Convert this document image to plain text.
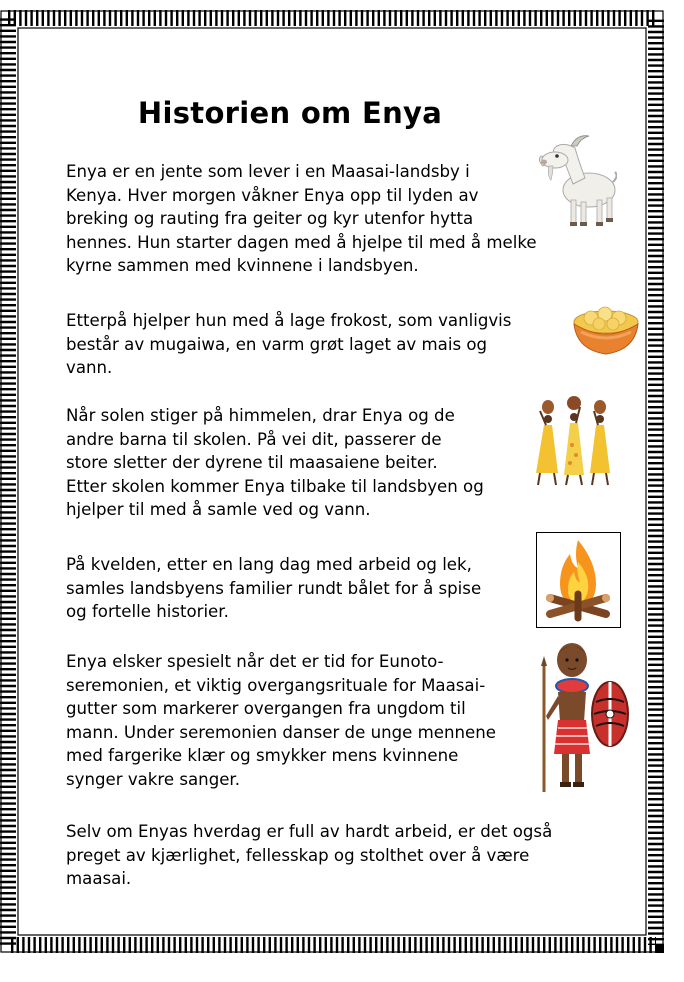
Historien om Enya
Enya er en jente som lever i en Maasai-landsby i
Kenya. Hver morgen våkner Enya opp til lyden av
breking og rauting fra geiter og kyr utenfor hytta
hennes. Hun starter dagen med å hjelpe til med å melke
kyrne sammen med kvinnene i landsbyen.
Etterpå hjelper hun med å lage frokost, som vanligvis
består av mugaiwa, en varm grøt laget av mais og
vann.
Når solen stiger på himmelen, drar Enya og de
andre barna til skolen. På vei dit, passerer de
store sletter der dyrene til maasaiene beiter.
Etter skolen kommer Enya tilbake til landsbyen og
hjelper til med å samle ved og vann.
På kvelden, etter en lang dag med arbeid og lek,
samles landsbyens familier rundt bålet for å spise
og fortelle historier.
Enya elsker spesielt når det er tid for Eunoto-
seremonien, et viktig overgangsrituale for Maasai-
gutter som markerer overgangen fra ungdom til
mann. Under seremonien danser de unge mennene
med fargerike klær og smykker mens kvinnene
synger vakre sanger.
Selv om Enyas hverdag er full av hardt arbeid, er det også
preget av kjærlighet, fellesskap og stolthet over å være
maasai.
